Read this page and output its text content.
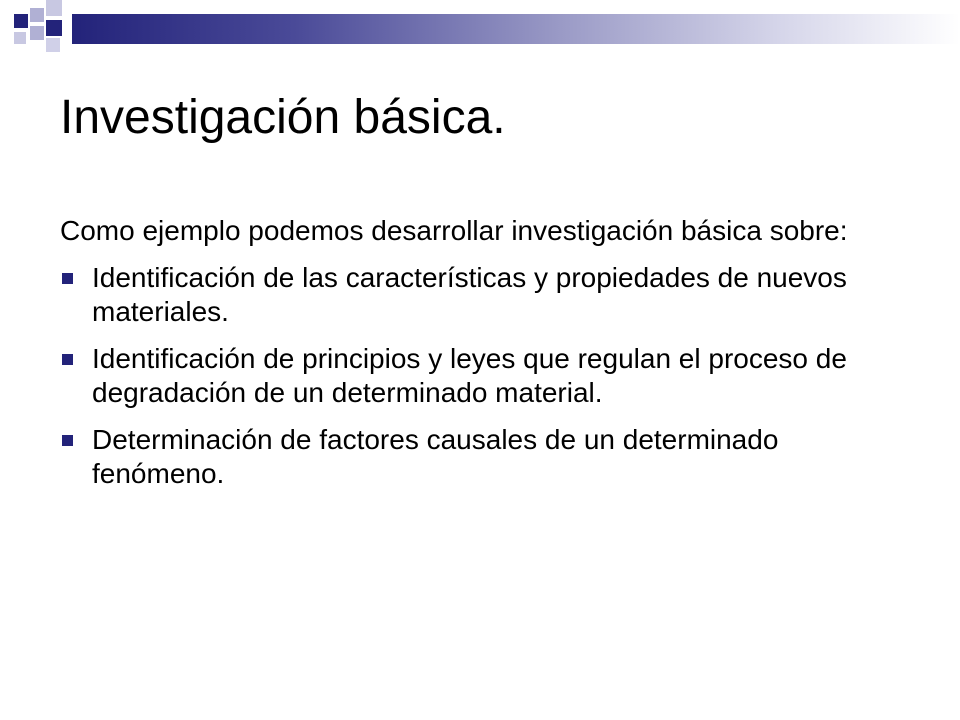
Investigación básica.
Como ejemplo podemos desarrollar investigación básica sobre:
Identificación de las características y propiedades de nuevos materiales.
Identificación de principios y leyes que regulan el proceso de degradación de un determinado material.
Determinación de factores causales de un determinado fenómeno.
